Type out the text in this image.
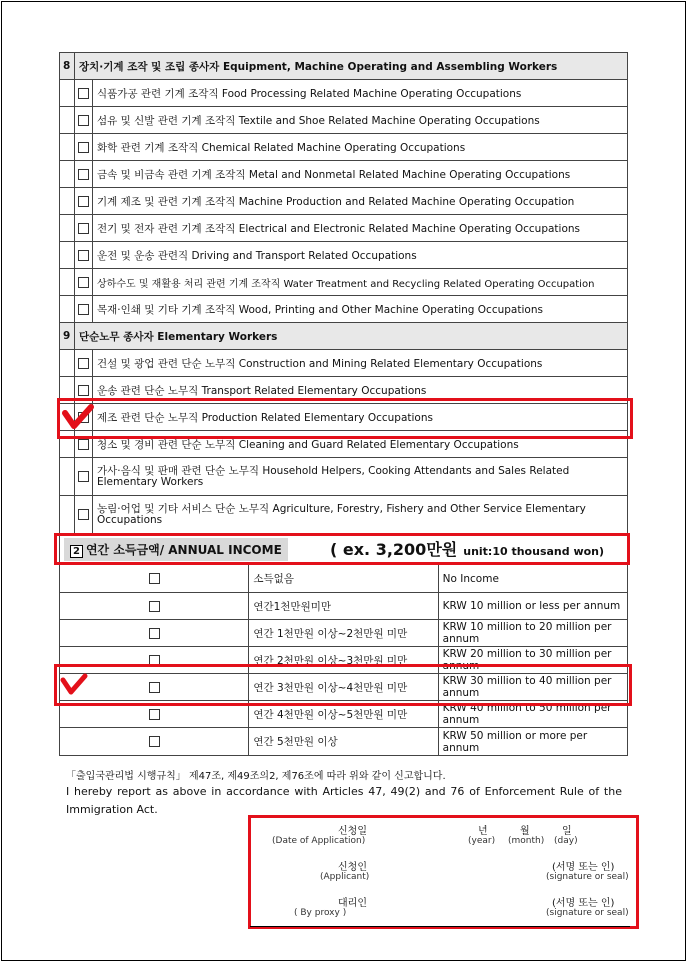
8	장치·기계 조작 및 조립 종사자 Equipment, Machine Operating and Assembling Workers	
		식품가공 관련 기계 조작직 Food Processing Related Machine Operating Occupations
		섬유 및 신발 관련 기계 조작직 Textile and Shoe Related Machine Operating Occupations
		화학 관련 기계 조작직 Chemical Related Machine Operating Occupations
		금속 및 비금속 관련 기계 조작직 Metal and Nonmetal Related Machine Operating Occupations
		기계 제조 및 관련 기계 조작직 Machine Production and Related Machine Operating Occupation
		전기 및 전자 관련 기계 조작직 Electrical and Electronic Related Machine Operating Occupations
		운전 및 운송 관련직 Driving and Transport Related Occupations
		상하수도 및 재활용 처리 관련 기계 조작직 Water Treatment and Recycling Related Operating Occupation
		목재·인쇄 및 기타 기계 조작직 Wood, Printing and Other Machine Operating Occupations
9	단순노무 종사자 Elementary Workers	
		건설 및 광업 관련 단순 노무직 Construction and Mining Related Elementary Occupations
		운송 관련 단순 노무직 Transport Related Elementary Occupations
		제조 관련 단순 노무직 Production Related Elementary Occupations
		청소 및 경비 관련 단순 노무직 Cleaning and Guard Related Elementary Occupations
		가사·음식 및 판매 관련 단순 노무직 Household Helpers, Cooking Attendants and Sales Related Elementary Workers
		농림·어업 및 기타 서비스 단순 노무직 Agriculture, Forestry, Fishery and Other Service Elementary Occupations
2 연간 소득금액/ ANNUAL INCOME		
	소득없음	No Income
	연간1천만원미만	KRW 10 million or less per annum
	연간 1천만원 이상~2천만원 미만	KRW 10 million to 20 million per annum
	연간 2천만원 이상~3천만원 미만	KRW 20 million to 30 million per annum
	연간 3천만원 이상~4천만원 미만	KRW 30 million to 40 million per annum
	연간 4천만원 이상~5천만원 미만	KRW 40 million to 50 million per annum
	연간 5천만원 이상	KRW 50 million or more per annum
( ex. 3,200만원 unit:10 thousand won)
「출입국관리법 시행규칙」 제47조, 제49조의2, 제76조에 따라 위와 같이 신고합니다.
I hereby report as above in accordance with Articles 47, 49(2) and 76 of Enforcement Rule of the Immigration Act.
신청일
(Date of Application)
년	월	일
(year) (month) (day)
신청인
(Applicant)
(서명 또는 인)
(signature or seal)
대리인
( By proxy )
(서명 또는 인)
(signature or seal)
